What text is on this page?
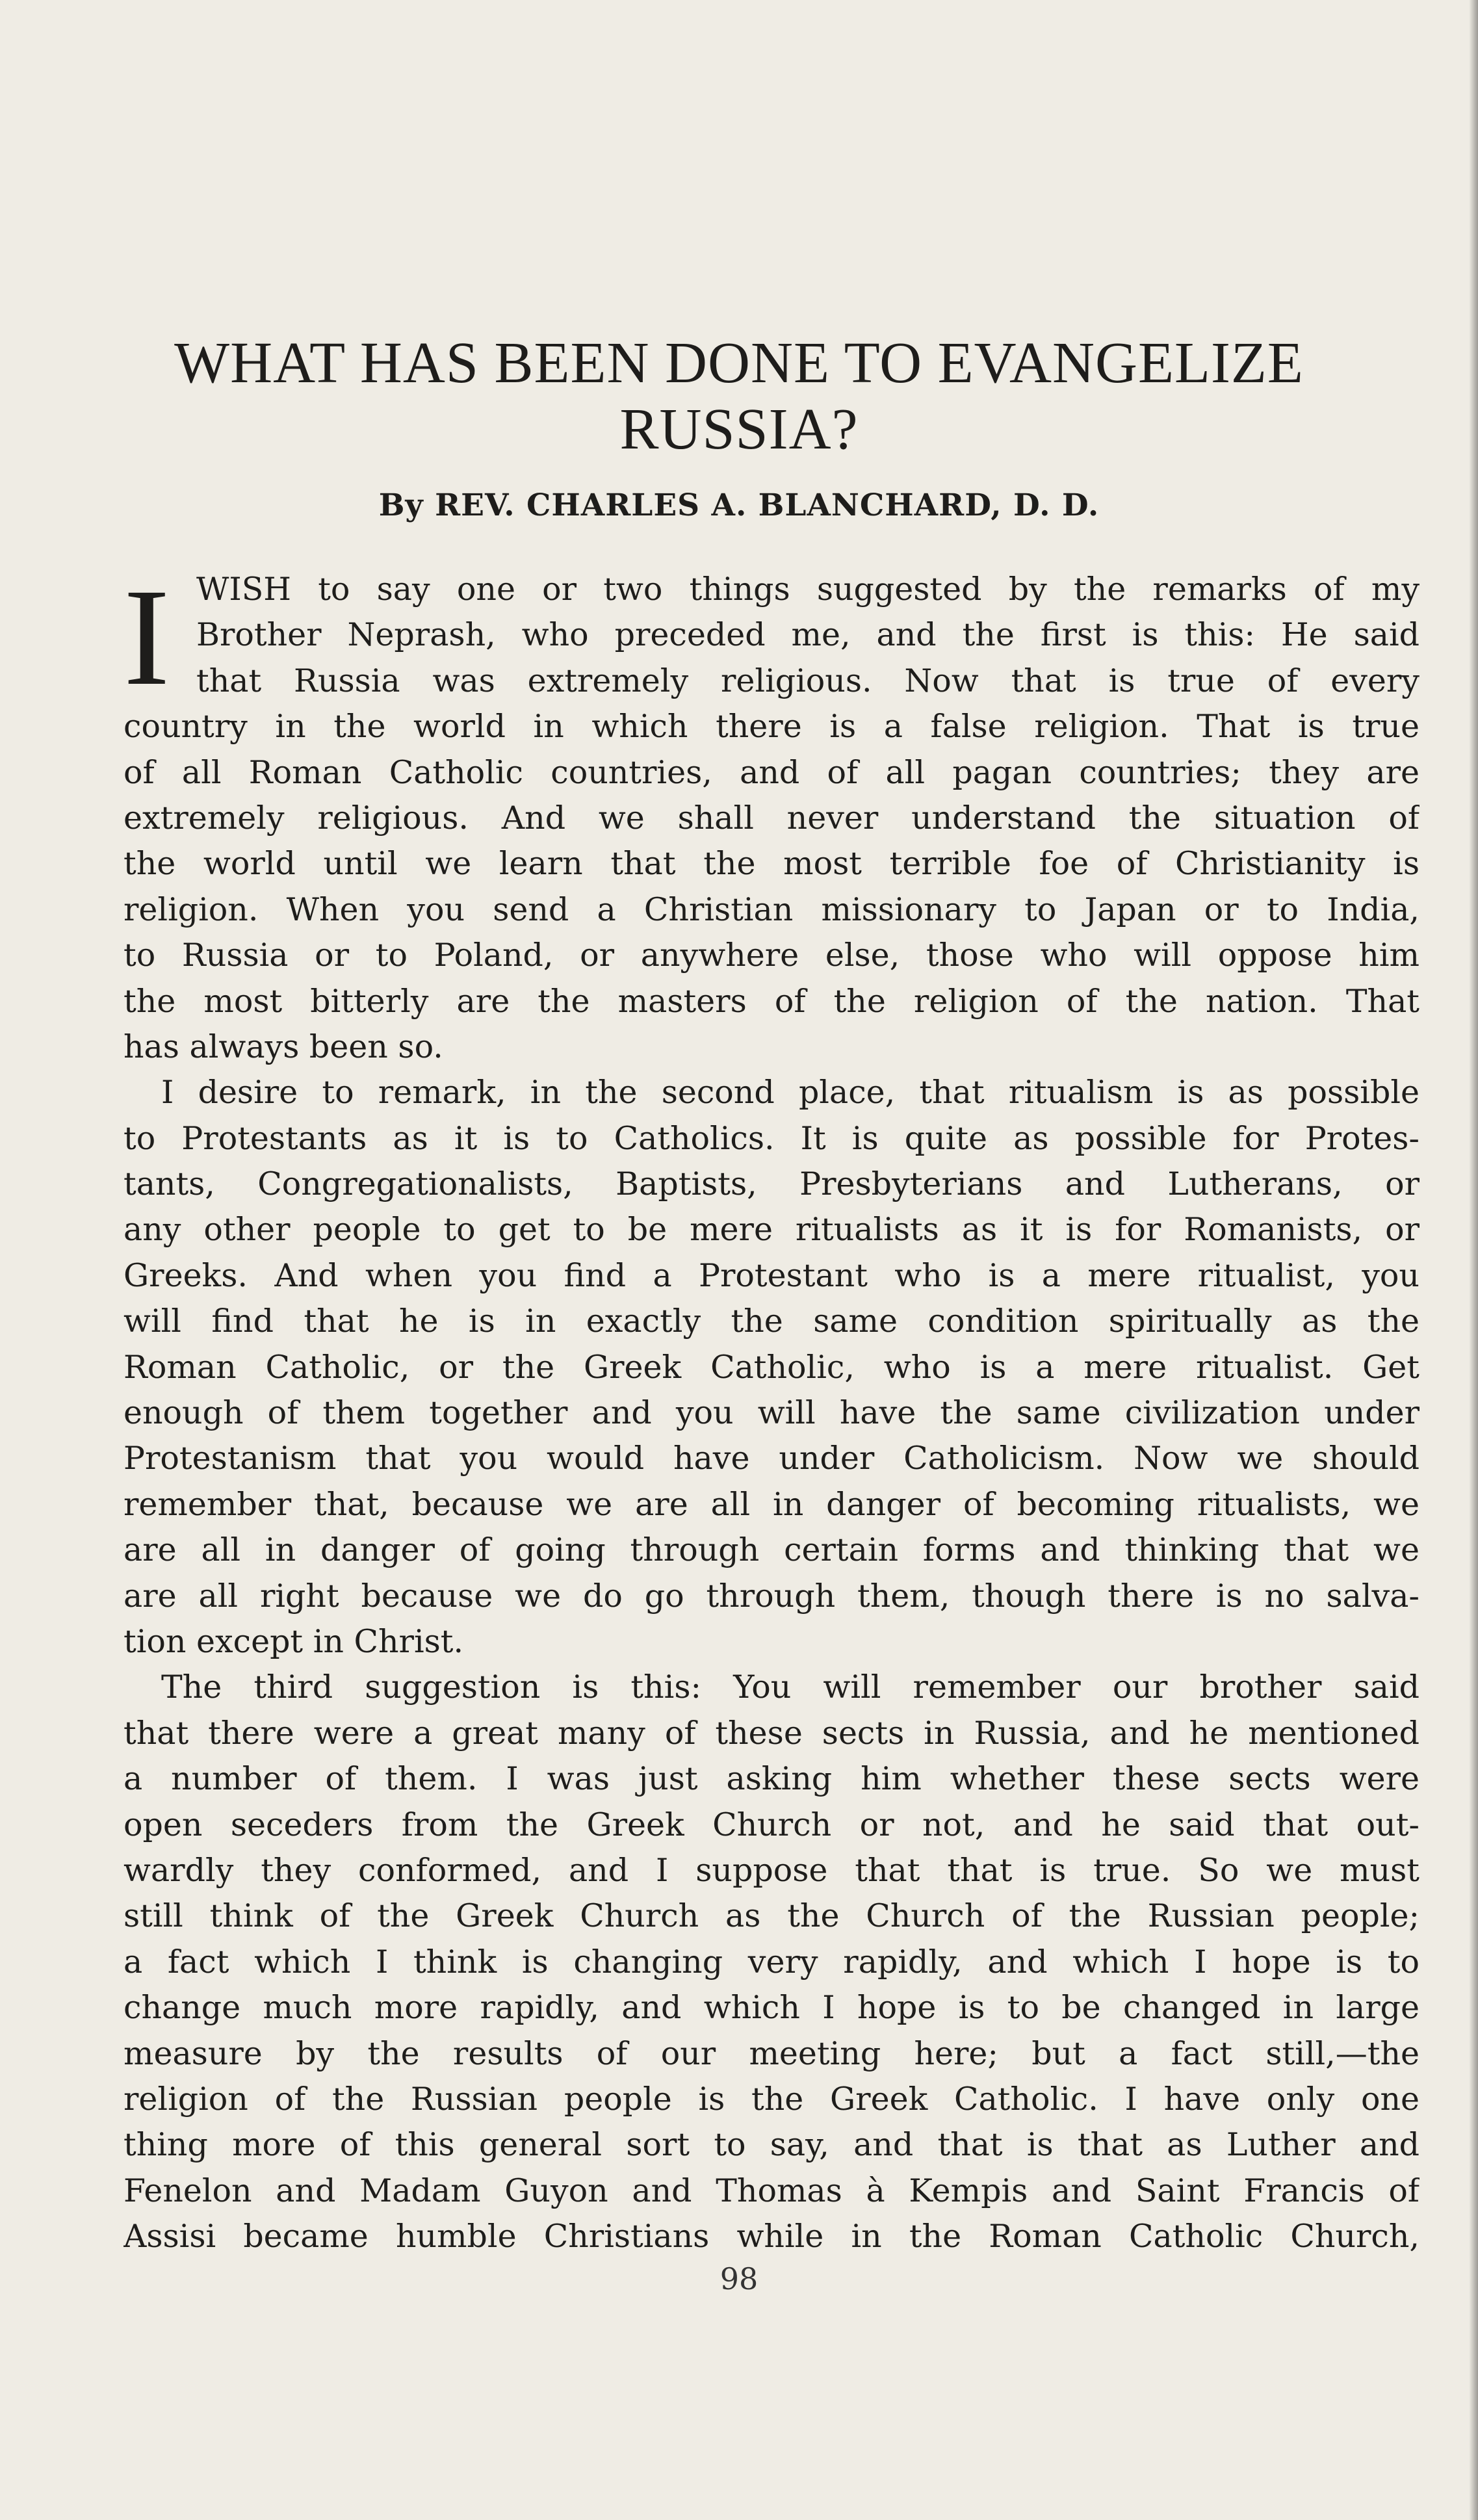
WHAT HAS BEEN DONE TO EVANGELIZE RUSSIA?
By REV. CHARLES A. BLANCHARD, D. D.
I WISH to say one or two things suggested by the remarks of my
Brother Neprash, who preceded me, and the first is this: He said
that Russia was extremely religious. Now that is true of every
country in the world in which there is a false religion. That is true
of all Roman Catholic countries, and of all pagan countries; they are
extremely religious. And we shall never understand the situation of
the world until we learn that the most terrible foe of Christianity is
religion. When you send a Christian missionary to Japan or to India,
to Russia or to Poland, or anywhere else, those who will oppose him
the most bitterly are the masters of the religion of the nation. That
has always been so.
I desire to remark, in the second place, that ritualism is as possible
to Protestants as it is to Catholics. It is quite as possible for Protes-
tants, Congregationalists, Baptists, Presbyterians and Lutherans, or
any other people to get to be mere ritualists as it is for Romanists, or
Greeks. And when you find a Protestant who is a mere ritualist, you
will find that he is in exactly the same condition spiritually as the
Roman Catholic, or the Greek Catholic, who is a mere ritualist. Get
enough of them together and you will have the same civilization under
Protestanism that you would have under Catholicism. Now we should
remember that, because we are all in danger of becoming ritualists, we
are all in danger of going through certain forms and thinking that we
are all right because we do go through them, though there is no salva-
tion except in Christ.
The third suggestion is this: You will remember our brother said
that there were a great many of these sects in Russia, and he mentioned
a number of them. I was just asking him whether these sects were
open seceders from the Greek Church or not, and he said that out-
wardly they conformed, and I suppose that that is true. So we must
still think of the Greek Church as the Church of the Russian people;
a fact which I think is changing very rapidly, and which I hope is to
change much more rapidly, and which I hope is to be changed in large
measure by the results of our meeting here; but a fact still,—the
religion of the Russian people is the Greek Catholic. I have only one
thing more of this general sort to say, and that is that as Luther and
Fenelon and Madam Guyon and Thomas à Kempis and Saint Francis of
Assisi became humble Christians while in the Roman Catholic Church,
98
